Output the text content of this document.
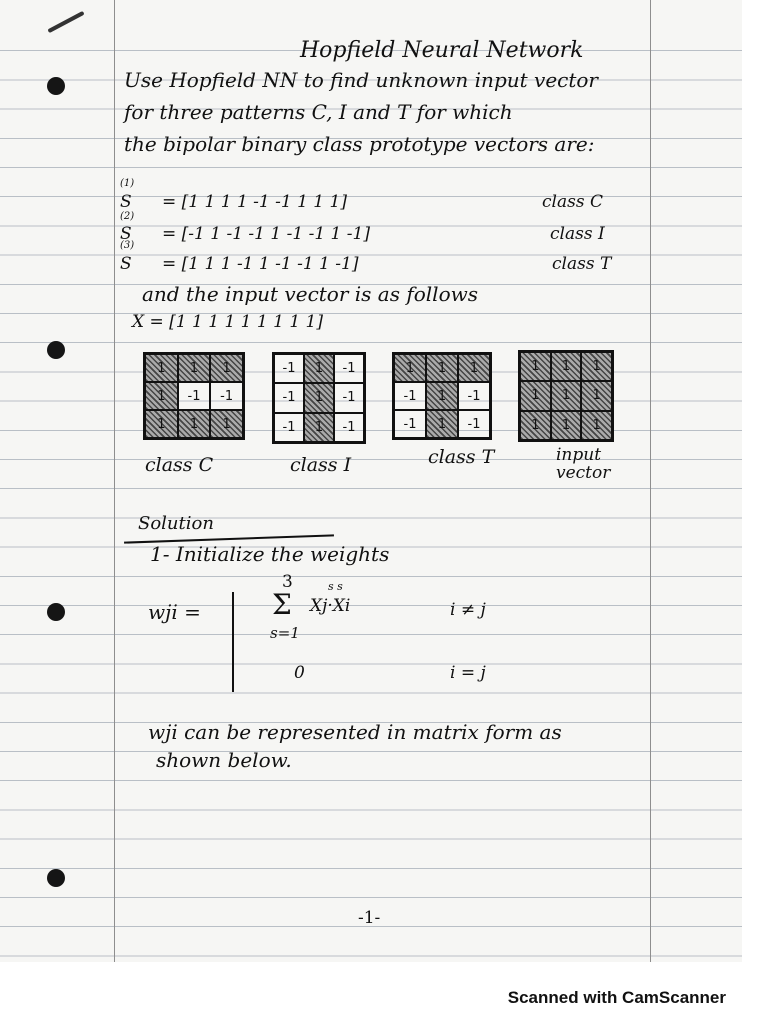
Hopfield Neural Network
Use Hopfield NN to find unknown input vector
for three patterns C, I and T for which
the bipolar binary class prototype vectors are:
(1)
S = [1 1 1 1 -1 -1 1 1 1]	class C
(2)
S = [-1 1 -1 -1 1 -1 -1 1 -1]	class I
(3)
S = [1 1 1 -1 1 -1 -1 1 -1]	class T
and the input vector is as follows
X = [1 1 1 1 1 1 1 1 1]
1	1	1
1	-1	-1
1	1	1
-1	1	-1
-1	1	-1
-1	1	-1
1	1	1
-1	1	-1
-1	1	-1
1	1	1
1	1	1
1	1	1
class C	class I	class T	input vector
Solution
1- Initialize the weights
wji =
3
Σ
s=1
s s
Xj·Xi	i ≠ j
0	i = j
wji can be represented in matrix form as
shown below.
-1-
Scanned with CamScanner
